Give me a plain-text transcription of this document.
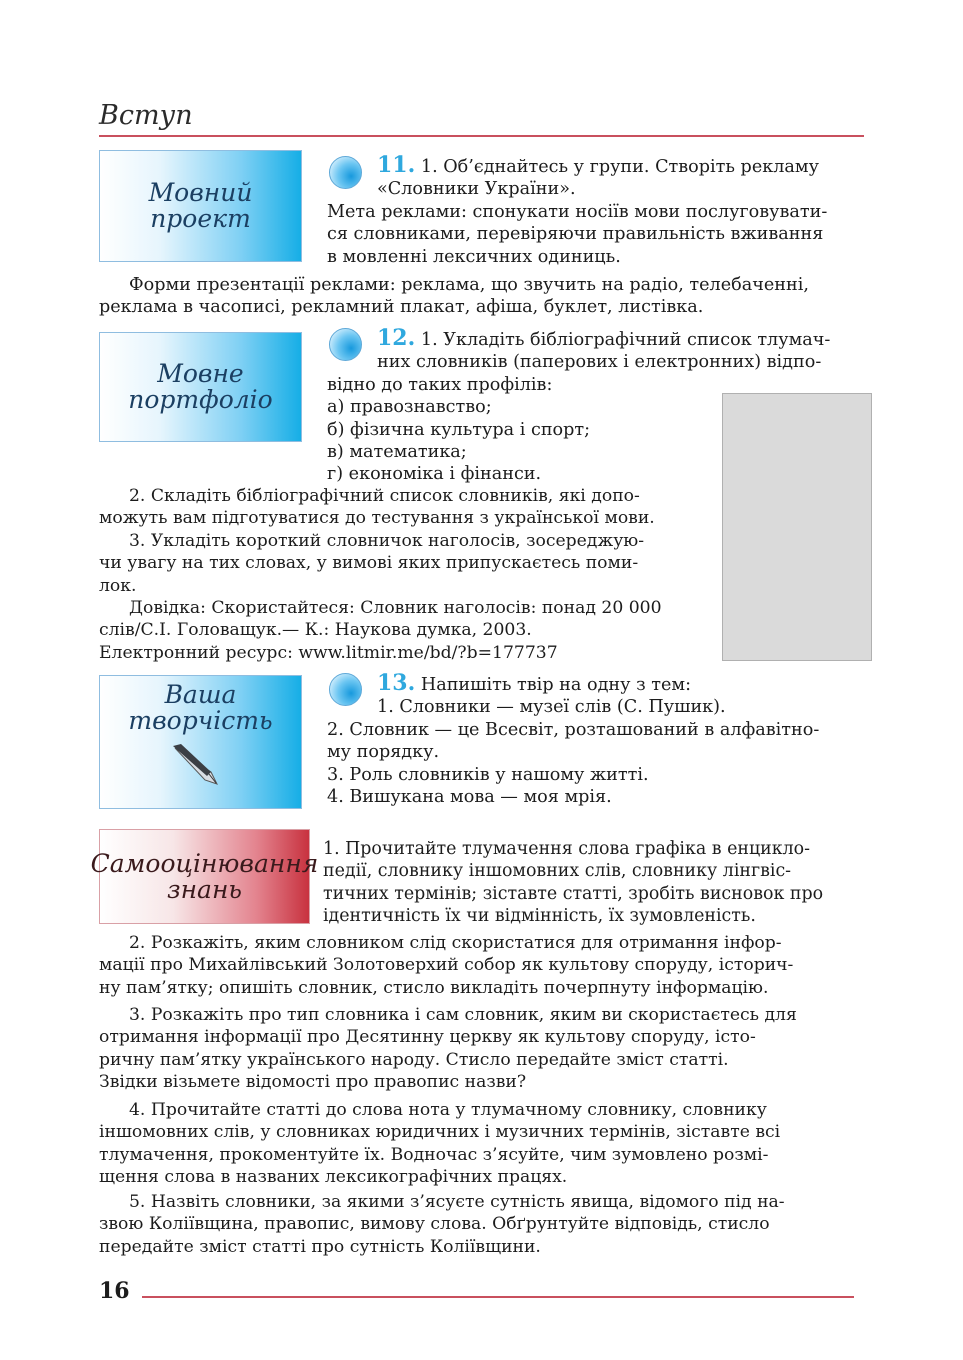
Вступ
Мовний
проект
11. 1. Об’єднайтесь у групи. Створіть рекламу
«Словники України».
Мета реклами: спонукати носіїв мови послуговувати-
ся словниками, перевіряючи правильність вживання
в мовленні лексичних одиниць.
Форми презентації реклами: реклама, що звучить на радіо, телебаченні,
реклама в часописі, рекламний плакат, афіша, буклет, листівка.
Мовне
портфоліо
12. 1. Укладіть бібліографічний список тлумач-
них словників (паперових і електронних) відпо-
відно до таких профілів:
а) правознавство;
б) фізична культура і спорт;
в) математика;
г) економіка і фінанси.
2. Складіть бібліографічний список словників, які допо-
можуть вам підготуватися до тестування з української мови.
3. Укладіть короткий словничок наголосів, зосереджую-
чи увагу на тих словах, у вимові яких припускаєтесь поми-
лок.
Довідка: Скористайтеся: Словник наголосів: понад 20 000
слів/С.І. Головащук.— К.: Наукова думка, 2003.
Електронний ресурс: www.litmir.me/bd/?b=177737
Ваша
творчість
13. Напишіть твір на одну з тем:
1. Словники — музеї слів (С. Пушик).
2. Словник — це Всесвіт, розташований в алфавітно-
му порядку.
3. Роль словників у нашому житті.
4. Вишукана мова — моя мрія.
Самооцінювання
знань
1. Прочитайте тлумачення слова графіка в енцикло-
педії, словнику іншомовних слів, словнику лінгвіс-
тичних термінів; зіставте статті, зробіть висновок про
ідентичність їх чи відмінність, їх зумовленість.
2. Розкажіть, яким словником слід скористатися для отримання інфор-
мації про Михайлівський Золотоверхий собор як культову споруду, історич-
ну пам’ятку; опишіть словник, стисло викладіть почерпнуту інформацію.
3. Розкажіть про тип словника і сам словник, яким ви скористаєтесь для
отримання інформації про Десятинну церкву як культову споруду, істо-
ричну пам’ятку українського народу. Стисло передайте зміст статті.
Звідки візьмете відомості про правопис назви?
4. Прочитайте статті до слова нота у тлумачному словнику, словнику
іншомовних слів, у словниках юридичних і музичних термінів, зіставте всі
тлумачення, прокоментуйте їх. Водночас з’ясуйте, чим зумовлено розмі-
щення слова в названих лексикографічних працях.
5. Назвіть словники, за якими з’ясуєте сутність явища, відомого під на-
звою Коліївщина, правопис, вимову слова. Обґрунтуйте відповідь, стисло
передайте зміст статті про сутність Коліївщини.
16
